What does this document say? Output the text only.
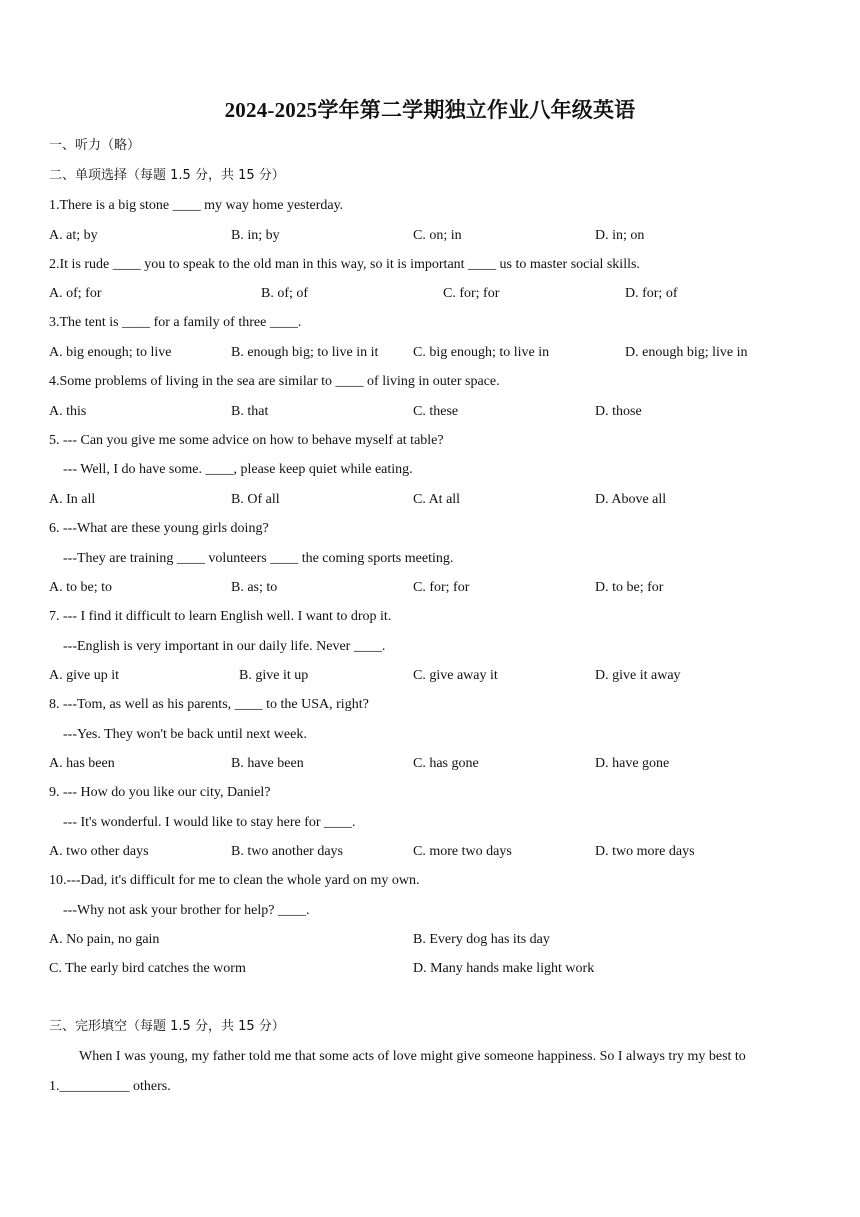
2024-2025学年第二学期独立作业八年级英语
一、听力（略）
二、单项选择（每题 1.5 分，共 15 分）
1.There is a big stone ____ my way home yesterday.
A. at; by	B. in; by	C. on; in	D. in; on
2.It is rude ____ you to speak to the old man in this way, so it is important ____ us to master social skills.
A. of; for	B. of; of	C. for; for	D. for; of
3.The tent is ____ for a family of three ____.
A. big enough; to live	B. enough big; to live in it C. big enough; to live in	D. enough big; live in
4.Some problems of living in the sea are similar to ____ of living in outer space.
A. this	B. that	C. these	D. those
5. --- Can you give me some advice on how to behave myself at table?
--- Well, I do have some. ____, please keep quiet while eating.
A. In all	B. Of all	C. At all	D. Above all
6. ---What are these young girls doing?
---They are training ____ volunteers ____ the coming sports meeting.
A. to be; to	B. as; to	C. for; for	D. to be; for
7. --- I find it difficult to learn English well. I want to drop it.
---English is very important in our daily life. Never ____.
A. give up it	B. give it up	C. give away it	D. give it away
8. ---Tom, as well as his parents, ____ to the USA, right?
---Yes. They won't be back until next week.
A. has been	B. have been	C. has gone	D. have gone
9. --- How do you like our city, Daniel?
--- It's wonderful. I would like to stay here for ____.
A. two other days	B. two another days	C. more two days	D. two more days
10.---Dad, it's difficult for me to clean the whole yard on my own.
---Why not ask your brother for help? ____.
A. No pain, no gain	B. Every dog has its day
C. The early bird catches the worm	D. Many hands make light work
三、完形填空（每题 1.5 分，共 15 分）
When I was young, my father told me that some acts of love might give someone happiness. So I always try my best to
1.__________ others.
